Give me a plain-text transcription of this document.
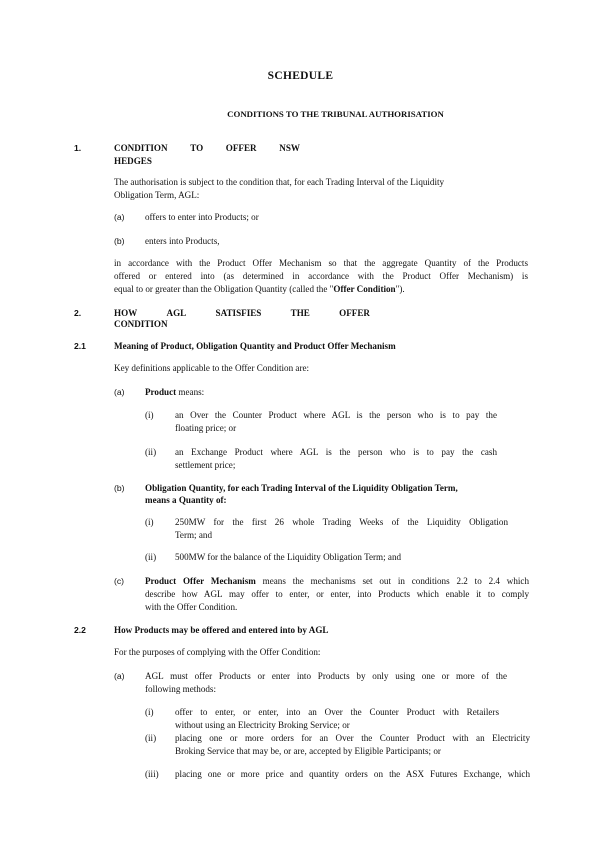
SCHEDULE
CONDITIONS TO THE TRIBUNAL AUTHORISATION
1.	CONDITION TO OFFER NSW
HEDGES
The authorisation is subject to the condition that, for each Trading Interval of the Liquidity Obligation Term, AGL:
(a) offers to enter into Products; or
(b) enters into Products,
in accordance with the Product Offer Mechanism so that the aggregate Quantity of the Products
offered or entered into (as determined in accordance with the Product Offer Mechanism) is
equal to or greater than the Obligation Quantity (called the "Offer Condition").
2.	HOW	AGL	SATISFIES	THE	OFFER
CONDITION
2.1	Meaning of Product, Obligation Quantity and Product Offer Mechanism
Key definitions applicable to the Offer Condition are:
(a) Product means:
(i) an Over the Counter Product where AGL is the person who is to pay the
floating price; or
(ii) an Exchange Product where AGL is the person who is to pay the cash
settlement price;
(b) Obligation Quantity, for each Trading Interval of the Liquidity Obligation Term,
means a Quantity of:
(i) 250MW for the first 26 whole Trading Weeks of the Liquidity Obligation
Term; and
(ii) 500MW for the balance of the Liquidity Obligation Term; and
(c) Product Offer Mechanism means the mechanisms set out in conditions 2.2 to 2.4 which
describe how AGL may offer to enter, or enter, into Products which enable it to comply
with the Offer Condition.
2.2	How Products may be offered and entered into by AGL
For the purposes of complying with the Offer Condition:
(a) AGL must offer Products or enter into Products by only using one or more of the
following methods:
(i) offer to enter, or enter, into an Over the Counter Product with Retailers
without using an Electricity Broking Service; or
(ii) placing one or more orders for an Over the Counter Product with an Electricity
Broking Service that may be, or are, accepted by Eligible Participants; or
(iii) placing one or more price and quantity orders on the ASX Futures Exchange, which
